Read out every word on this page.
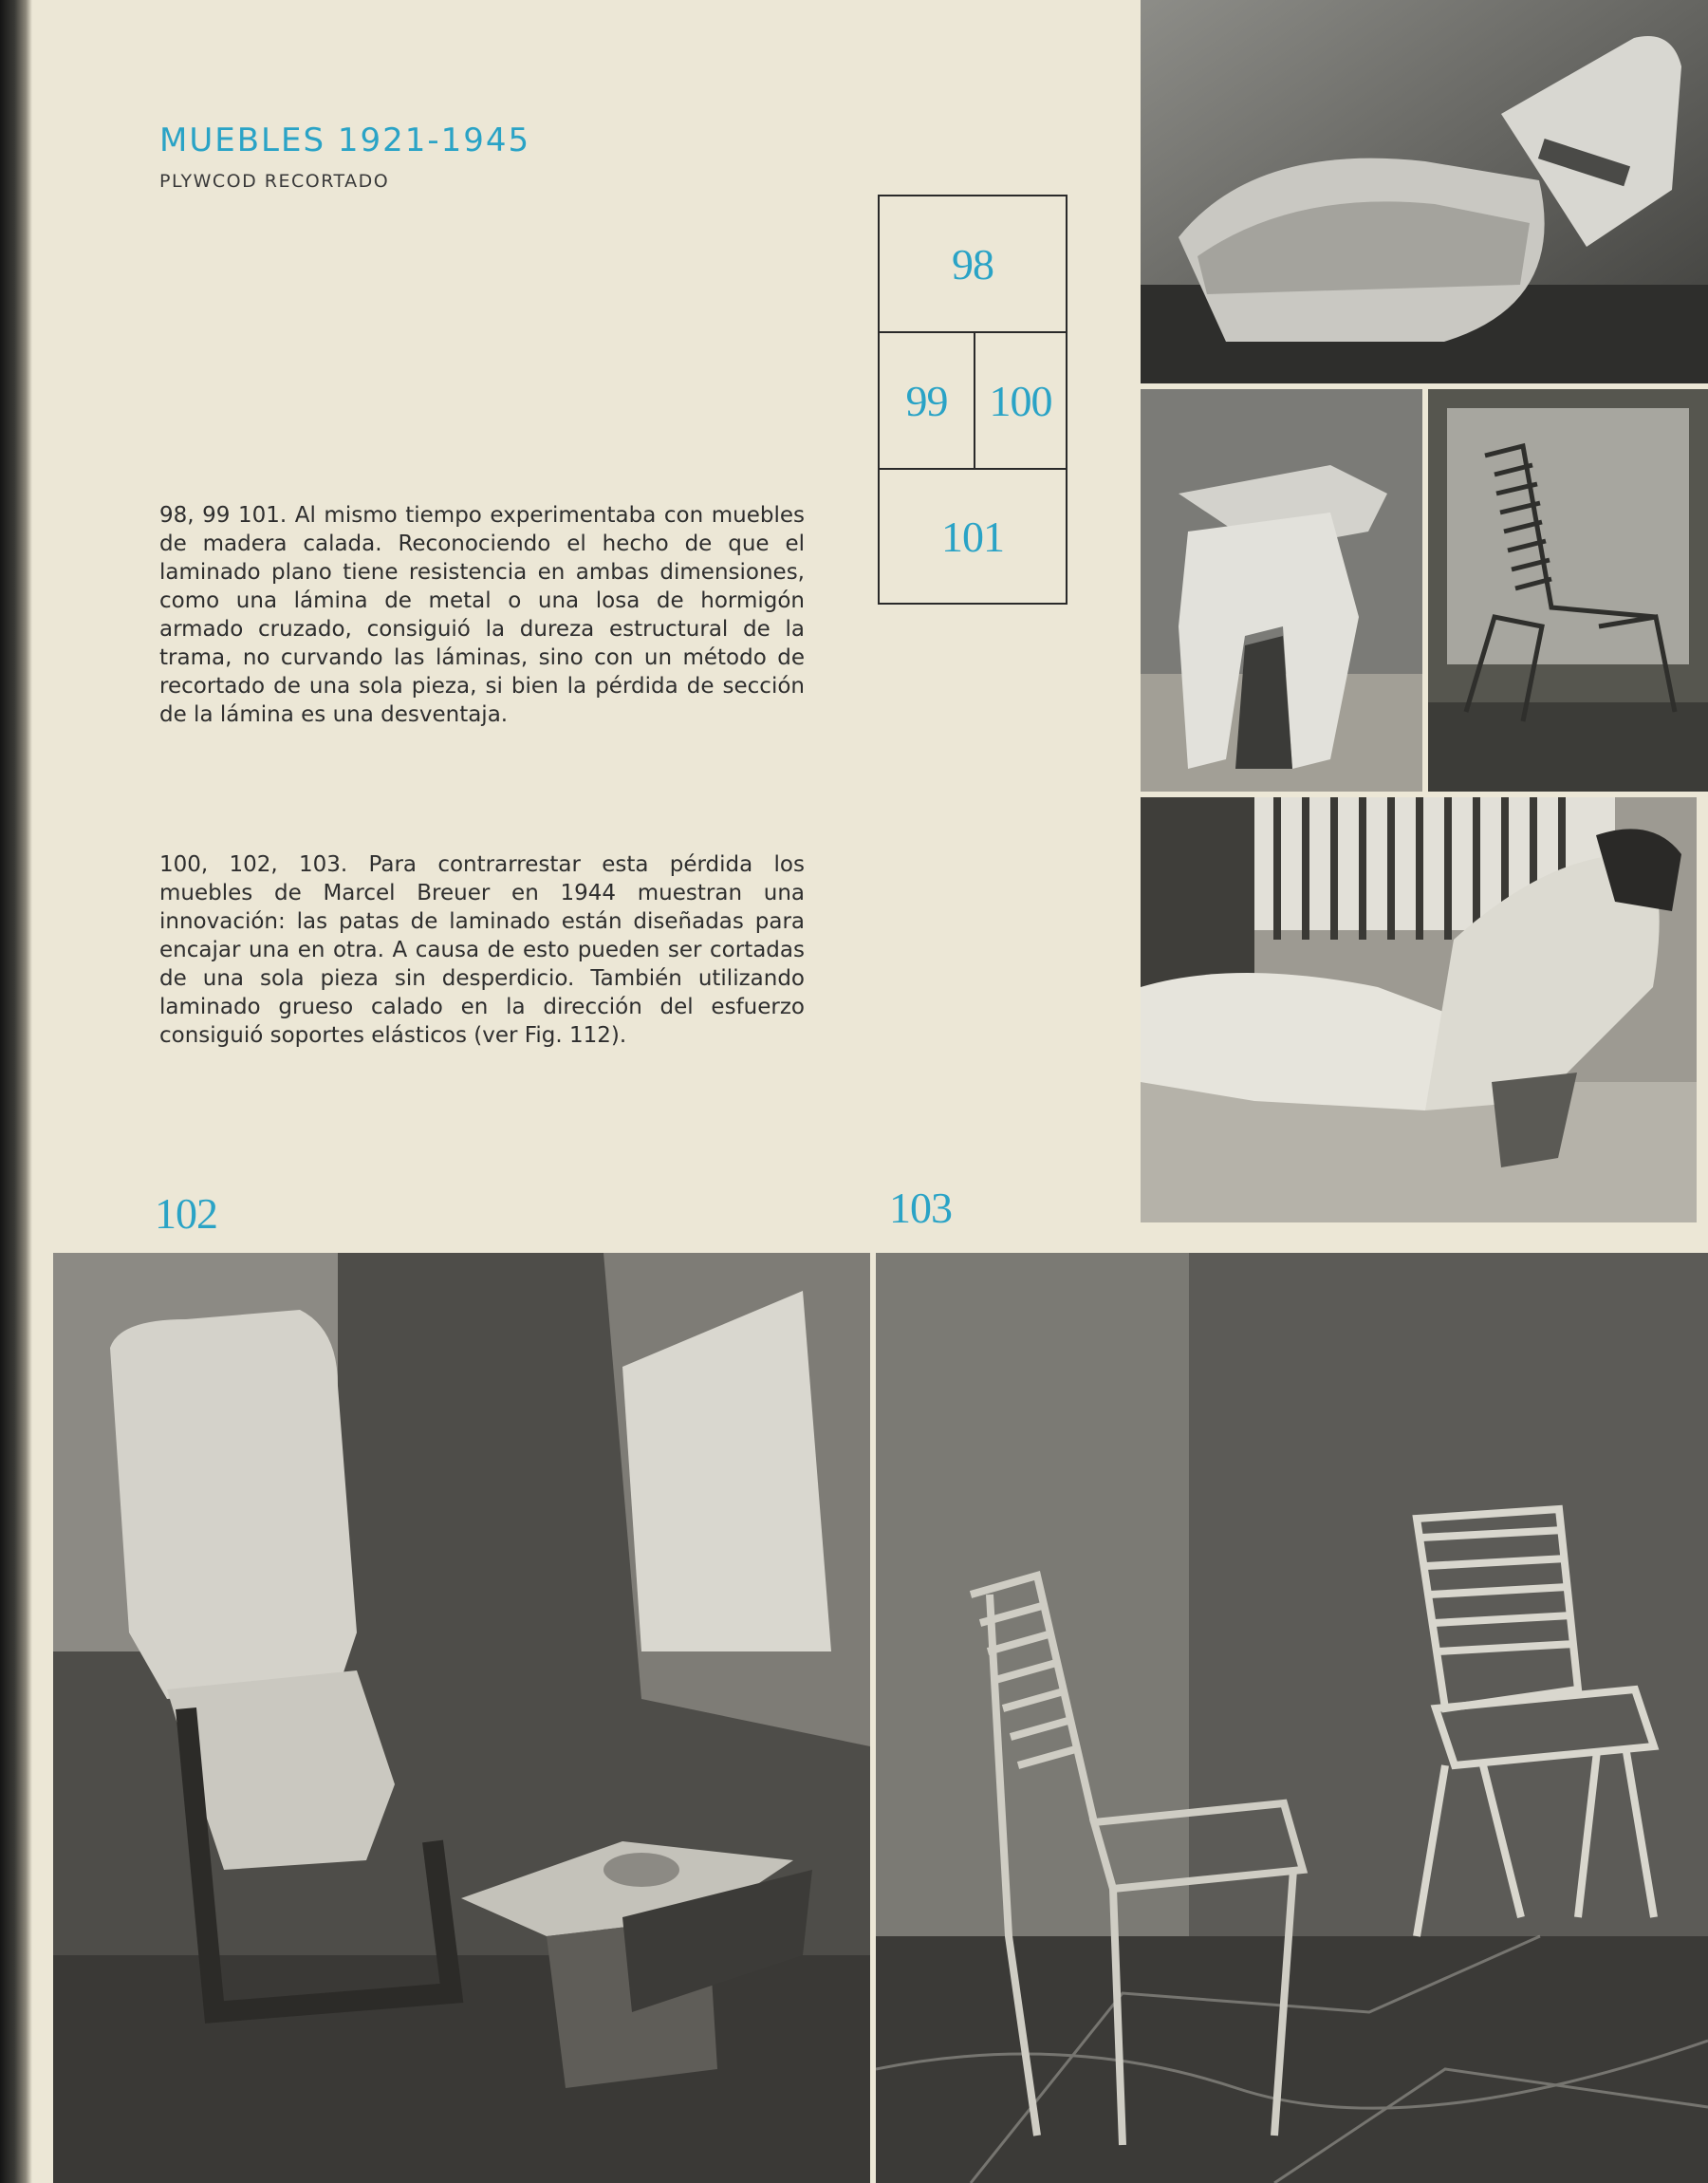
MUEBLES 1921-1945
PLYWCOD RECORTADO

98, 99 101. Al mismo tiempo experimentaba con muebles de madera calada. Reconociendo el hecho de que el laminado plano tiene resistencia en ambas dimensiones, como una lámina de metal o una losa de hormigón armado cruzado, consiguió la dureza estructural de la trama, no curvando las láminas, sino con un método de recortado de una sola pieza, si bien la pérdida de sección de la lámina es una desventaja.

100, 102, 103. Para contrarrestar esta pérdida los muebles de Marcel Breuer en 1944 muestran una innovación: las patas de laminado están diseñadas para encajar una en otra. A causa de esto pueden ser cortadas de una sola pieza sin desperdicio. También utilizando laminado grueso calado en la dirección del esfuerzo consiguió soportes elásticos (ver Fig. 112).

98
99 100
101
102	103
